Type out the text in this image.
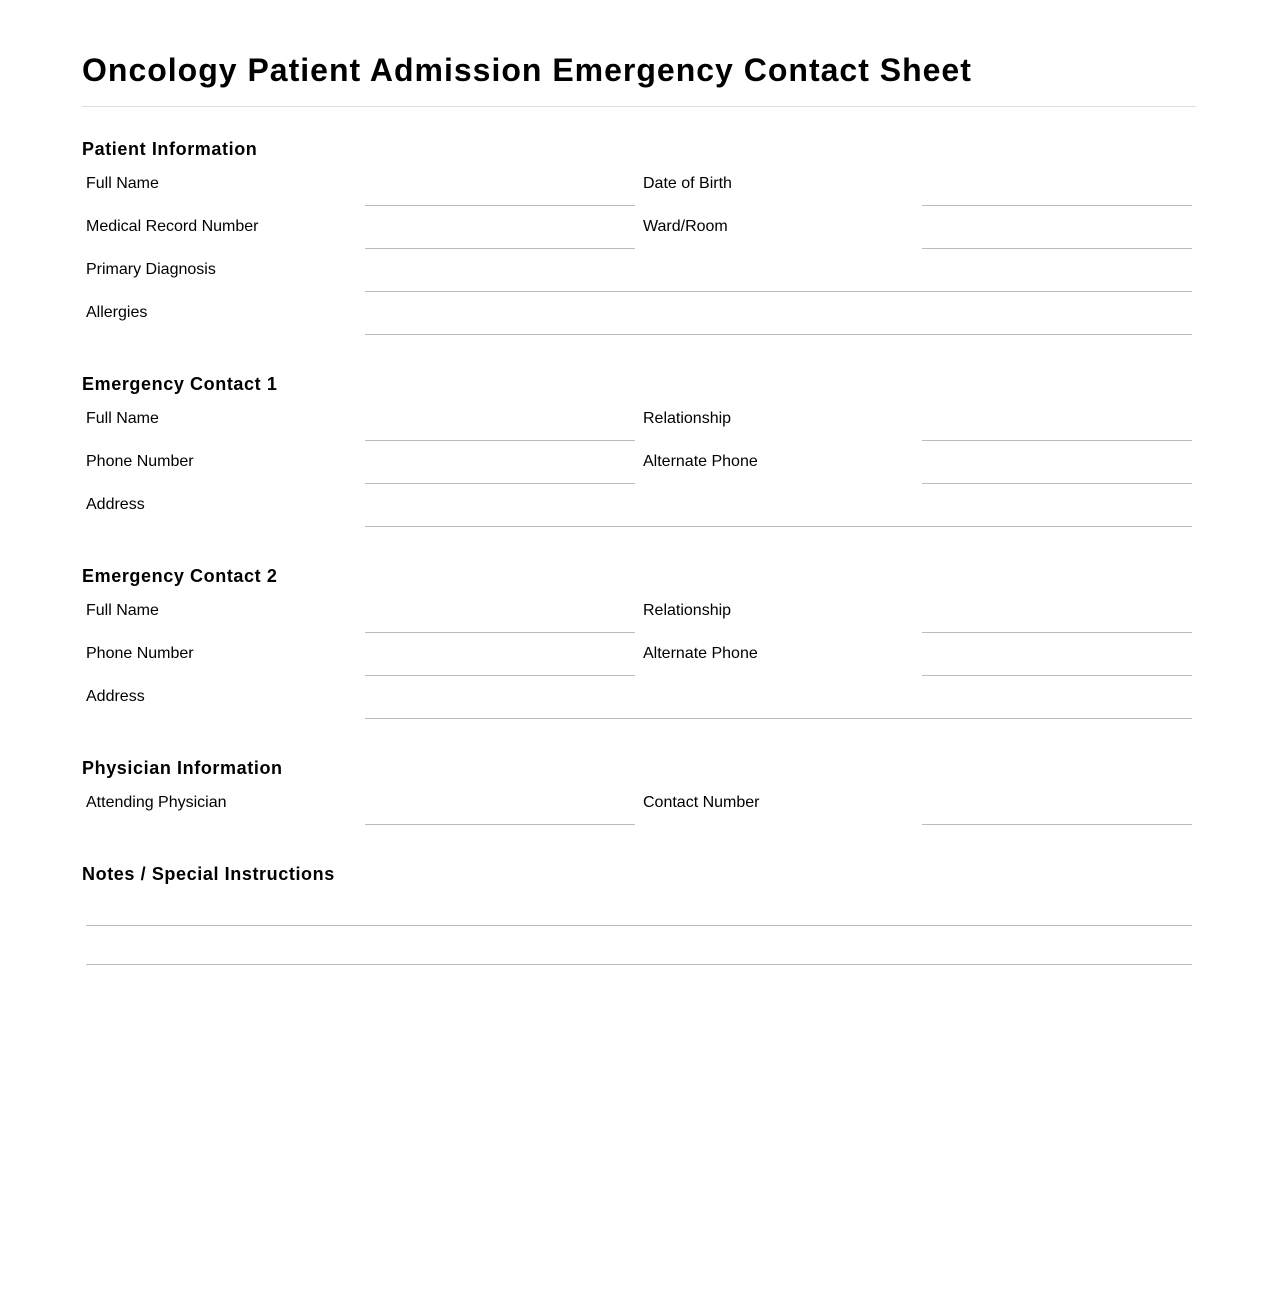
Oncology Patient Admission Emergency Contact Sheet
Patient Information
Full Name		Date of Birth	

Medical Record Number		Ward/Room	

Primary Diagnosis			

Allergies			
Emergency Contact 1
Full Name		Relationship	

Phone Number		Alternate Phone	

Address			
Emergency Contact 2
Full Name		Relationship	

Phone Number		Alternate Phone	

Address			
Physician Information
Attending Physician		Contact Number	
Notes / Special Instructions
